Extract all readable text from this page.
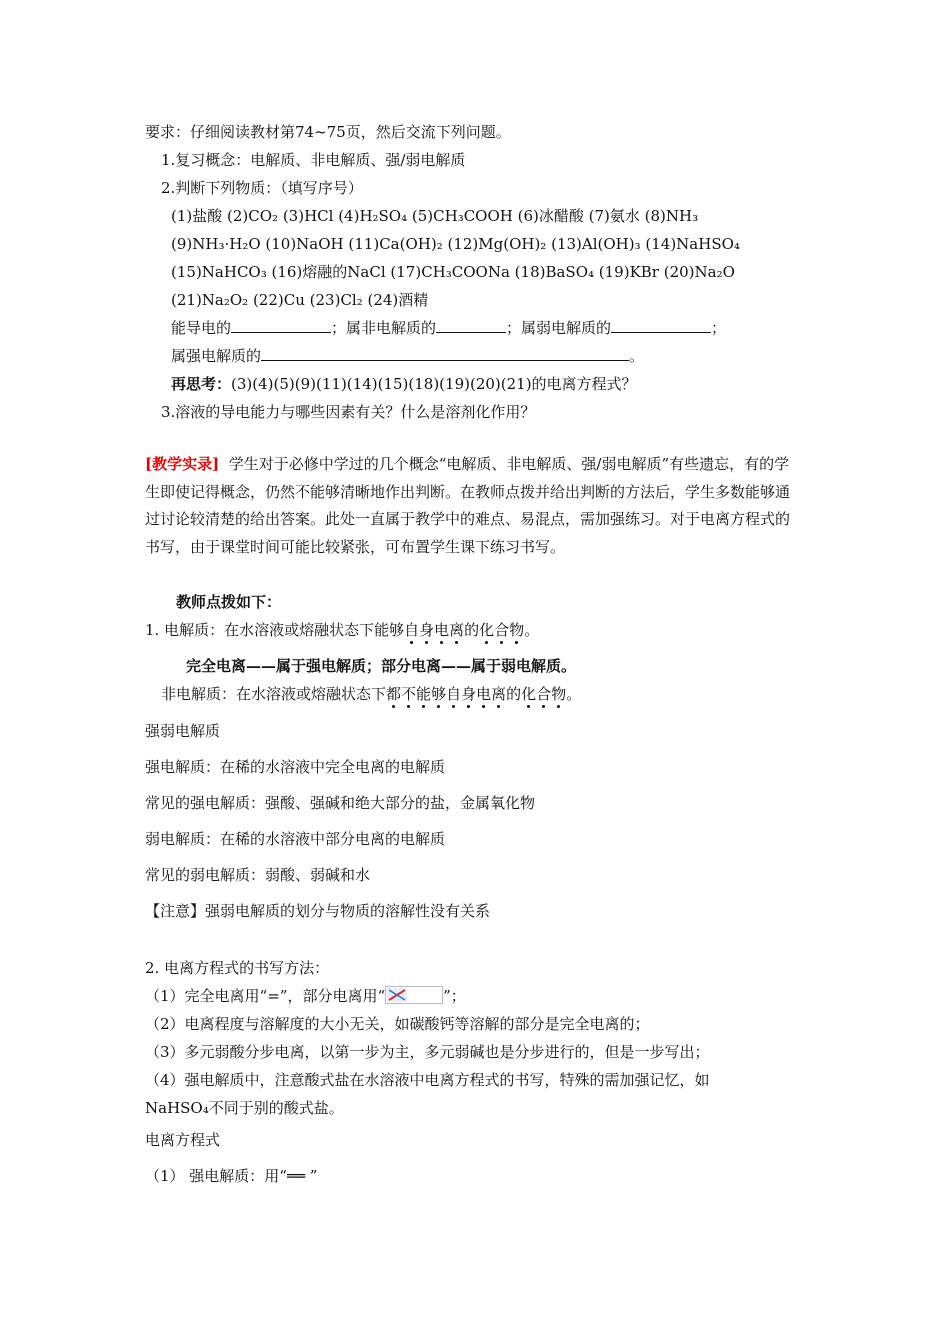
要求：仔细阅读教材第74~75页，然后交流下列问题。
1.复习概念：电解质、非电解质、强/弱电解质
2.判断下列物质：（填写序号）
(1)盐酸 (2)CO₂ (3)HCl (4)H₂SO₄ (5)CH₃COOH (6)冰醋酸 (7)氨水 (8)NH₃
(9)NH₃·H₂O (10)NaOH (11)Ca(OH)₂ (12)Mg(OH)₂ (13)Al(OH)₃ (14)NaHSO₄
(15)NaHCO₃ (16)熔融的NaCl (17)CH₃COONa (18)BaSO₄ (19)KBr (20)Na₂O
(21)Na₂O₂ (22)Cu (23)Cl₂ (24)酒精
能导电的	；属非电解质的	；属弱电解质的	；
属强电解质的	。
再思考：(3)(4)(5)(9)(11)(14)(15)(18)(19)(20)(21)的电离方程式？
3.溶液的导电能力与哪些因素有关？什么是溶剂化作用？
[教学实录] 学生对于必修中学过的几个概念“电解质、非电解质、强/弱电解质”有些遗忘，有的学生即使记得概念，仍然不能够清晰地作出判断。在教师点拨并给出判断的方法后，学生多数能够通过讨论较清楚的给出答案。此处一直属于教学中的难点、易混点，需加强练习。对于电离方程式的书写，由于课堂时间可能比较紧张，可布置学生课下练习书写。
教师点拨如下：
1. 电解质：在水溶液或熔融状态下能够自身电离的化合物。
完全电离——属于强电解质；部分电离——属于弱电解质。
非电解质：在水溶液或熔融状态下都不能够自身电离的化合物。
强弱电解质
强电解质：在稀的水溶液中完全电离的电解质
常见的强电解质：强酸、强碱和绝大部分的盐，金属氧化物
弱电解质：在稀的水溶液中部分电离的电解质
常见的弱电解质：弱酸、弱碱和水
【注意】强弱电解质的划分与物质的溶解性没有关系
2. 电离方程式的书写方法：
（1）完全电离用“=”，部分电离用“	”；
（2）电离程度与溶解度的大小无关，如碳酸钙等溶解的部分是完全电离的；
（3）多元弱酸分步电离，以第一步为主，多元弱碱也是分步进行的，但是一步写出；
（4）强电解质中，注意酸式盐在水溶液中电离方程式的书写，特殊的需加强记忆，如
NaHSO₄不同于别的酸式盐。
电离方程式
（1） 强电解质：用“══ ”
